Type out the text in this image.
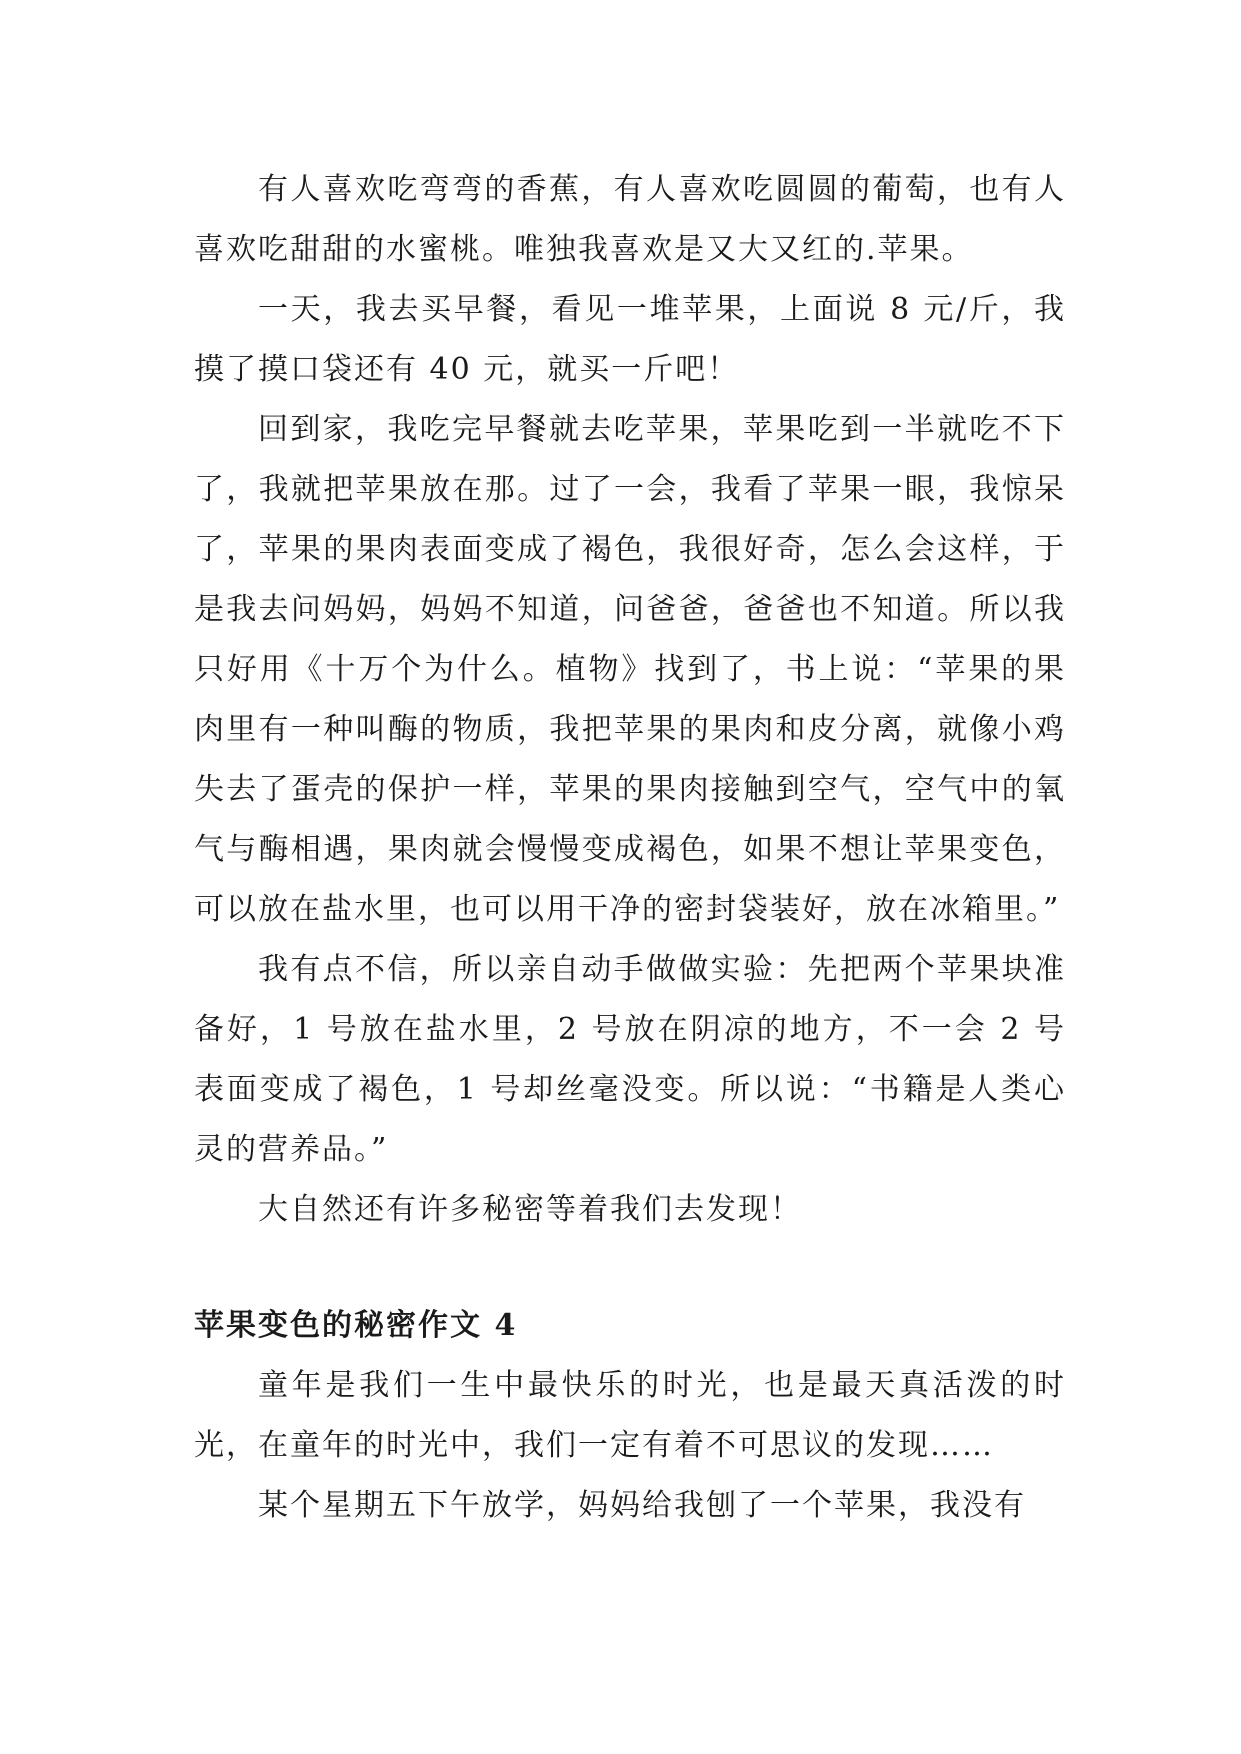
有人喜欢吃弯弯的香蕉，有人喜欢吃圆圆的葡萄，也有人喜欢吃甜甜的水蜜桃。唯独我喜欢是又大又红的.苹果。

一天，我去买早餐，看见一堆苹果，上面说 8 元/斤，我摸了摸口袋还有 40 元，就买一斤吧！

回到家，我吃完早餐就去吃苹果，苹果吃到一半就吃不下了，我就把苹果放在那。过了一会，我看了苹果一眼，我惊呆了，苹果的果肉表面变成了褐色，我很好奇，怎么会这样，于是我去问妈妈，妈妈不知道，问爸爸，爸爸也不知道。所以我只好用《十万个为什么。植物》找到了，书上说：“苹果的果肉里有一种叫酶的物质，我把苹果的果肉和皮分离，就像小鸡失去了蛋壳的保护一样，苹果的果肉接触到空气，空气中的氧气与酶相遇，果肉就会慢慢变成褐色，如果不想让苹果变色，可以放在盐水里，也可以用干净的密封袋装好，放在冰箱里。”

我有点不信，所以亲自动手做做实验：先把两个苹果块准备好，1 号放在盐水里，2 号放在阴凉的地方，不一会 2 号表面变成了褐色，1 号却丝毫没变。所以说：“书籍是人类心灵的营养品。”

大自然还有许多秘密等着我们去发现！

苹果变色的秘密作文 4

童年是我们一生中最快乐的时光，也是最天真活泼的时光，在童年的时光中，我们一定有着不可思议的发现……

某个星期五下午放学，妈妈给我刨了一个苹果，我没有
